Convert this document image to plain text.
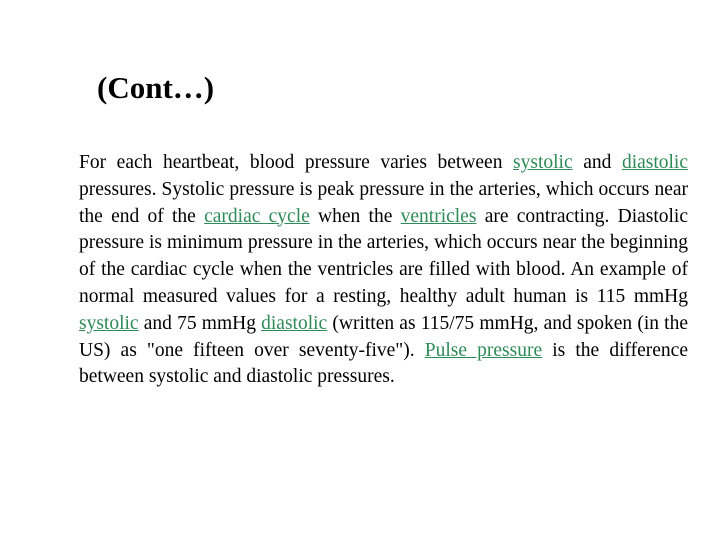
(Cont…)

For each heartbeat, blood pressure varies between systolic and diastolic pressures. Systolic pressure is peak pressure in the arteries, which occurs near the end of the cardiac cycle when the ventricles are contracting. Diastolic pressure is minimum pressure in the arteries, which occurs near the beginning of the cardiac cycle when the ventricles are filled with blood. An example of normal measured values for a resting, healthy adult human is 115 mmHg systolic and 75 mmHg diastolic (written as 115/75 mmHg, and spoken (in the US) as "one fifteen over seventy-five"). Pulse pressure is the difference between systolic and diastolic pressures.
